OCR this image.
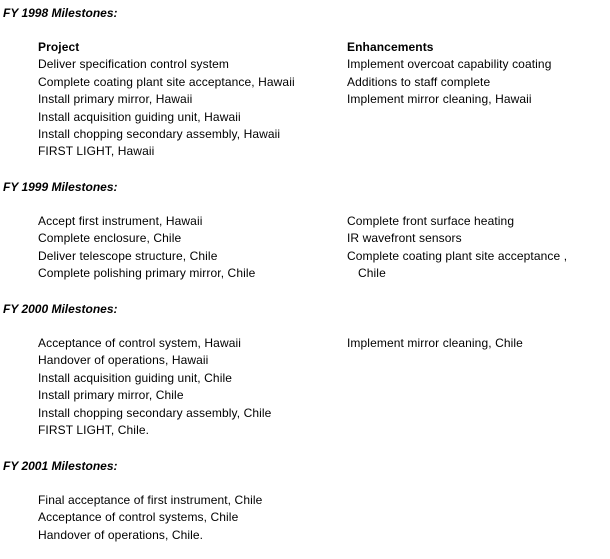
FY 1998 Milestones:
Project
Deliver specification control system
Complete coating plant site acceptance, Hawaii
Install primary mirror, Hawaii
Install acquisition guiding unit, Hawaii
Install chopping secondary assembly, Hawaii
FIRST LIGHT, Hawaii
Enhancements
Implement overcoat capability coating
Additions to staff complete
Implement mirror cleaning, Hawaii
FY 1999 Milestones:
Accept first instrument, Hawaii
Complete enclosure, Chile
Deliver telescope structure, Chile
Complete polishing primary mirror, Chile
Complete front surface heating
IR wavefront sensors
Complete coating plant site acceptance ,
Chile
FY 2000 Milestones:
Acceptance of control system, Hawaii
Handover of operations, Hawaii
Install acquisition guiding unit, Chile
Install primary mirror, Chile
Install chopping secondary assembly, Chile
FIRST LIGHT, Chile.
Implement mirror cleaning, Chile
FY 2001 Milestones:
Final acceptance of first instrument, Chile
Acceptance of control systems, Chile
Handover of operations, Chile.
